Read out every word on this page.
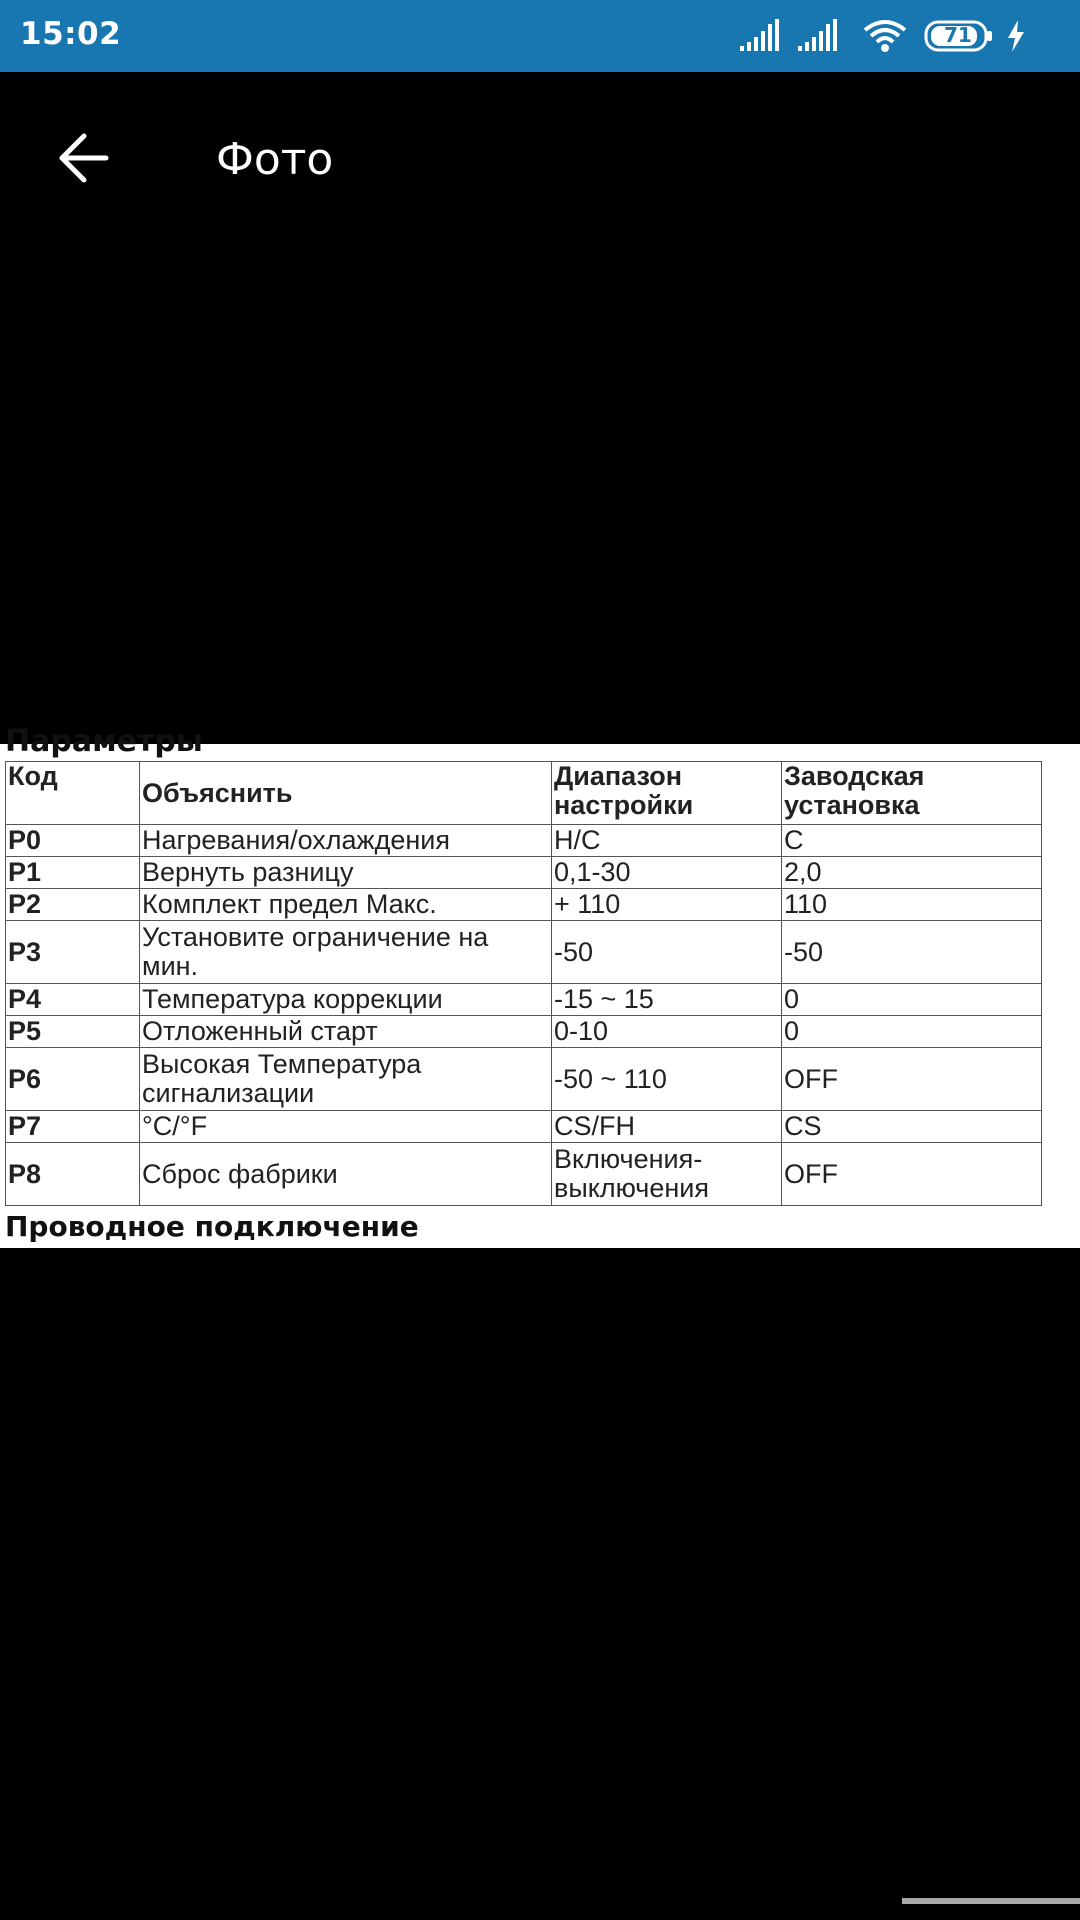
15:02	71
Фото
Параметры
Код	Объяснить	Диапазон настройки	Заводская установка
P0	Нагревания/охлаждения	H/C	C
P1	Вернуть разницу	0,1-30	2,0
P2	Комплект предел Макс.	+ 110	110
P3	Установите ограничение на мин.	-50	-50
P4	Температура коррекции	-15 ~ 15	0
P5	Отложенный старт	0-10	0
P6	Высокая Температура сигнализации	-50 ~ 110	OFF
P7	°C/°F	CS/FH	CS
P8	Сброс фабрики	Включения-выключения	OFF
Проводное подключение
